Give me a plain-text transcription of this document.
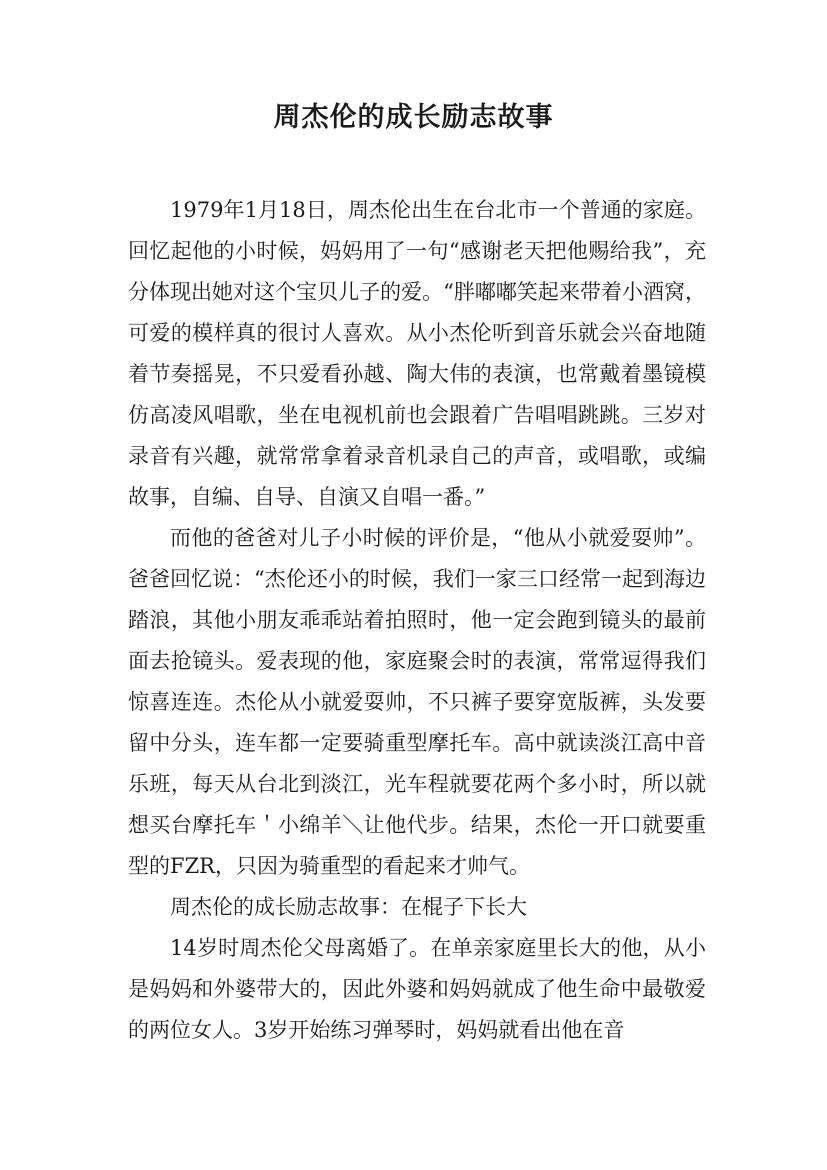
周杰伦的成长励志故事

1979年1月18日，周杰伦出生在台北市一个普通的家庭。回忆起他的小时候，妈妈用了一句“感谢老天把他赐给我”，充分体现出她对这个宝贝儿子的爱。“胖嘟嘟笑起来带着小酒窝，可爱的模样真的很讨人喜欢。从小杰伦听到音乐就会兴奋地随着节奏摇晃，不只爱看孙越、陶大伟的表演，也常戴着墨镜模仿高凌风唱歌，坐在电视机前也会跟着广告唱唱跳跳。三岁对录音有兴趣，就常常拿着录音机录自己的声音，或唱歌，或编故事，自编、自导、自演又自唱一番。”

而他的爸爸对儿子小时候的评价是，“他从小就爱耍帅”。爸爸回忆说：“杰伦还小的时候，我们一家三口经常一起到海边踏浪，其他小朋友乖乖站着拍照时，他一定会跑到镜头的最前面去抢镜头。爱表现的他，家庭聚会时的表演，常常逗得我们惊喜连连。杰伦从小就爱耍帅，不只裤子要穿宽版裤，头发要留中分头，连车都一定要骑重型摩托车。高中就读淡江高中音乐班，每天从台北到淡江，光车程就要花两个多小时，所以就想买台摩托车＇小绵羊＼让他代步。结果，杰伦一开口就要重型的FZR，只因为骑重型的看起来才帅气。

周杰伦的成长励志故事：在棍子下长大

14岁时周杰伦父母离婚了。在单亲家庭里长大的他，从小是妈妈和外婆带大的，因此外婆和妈妈就成了他生命中最敬爱的两位女人。3岁开始练习弹琴时，妈妈就看出他在音
